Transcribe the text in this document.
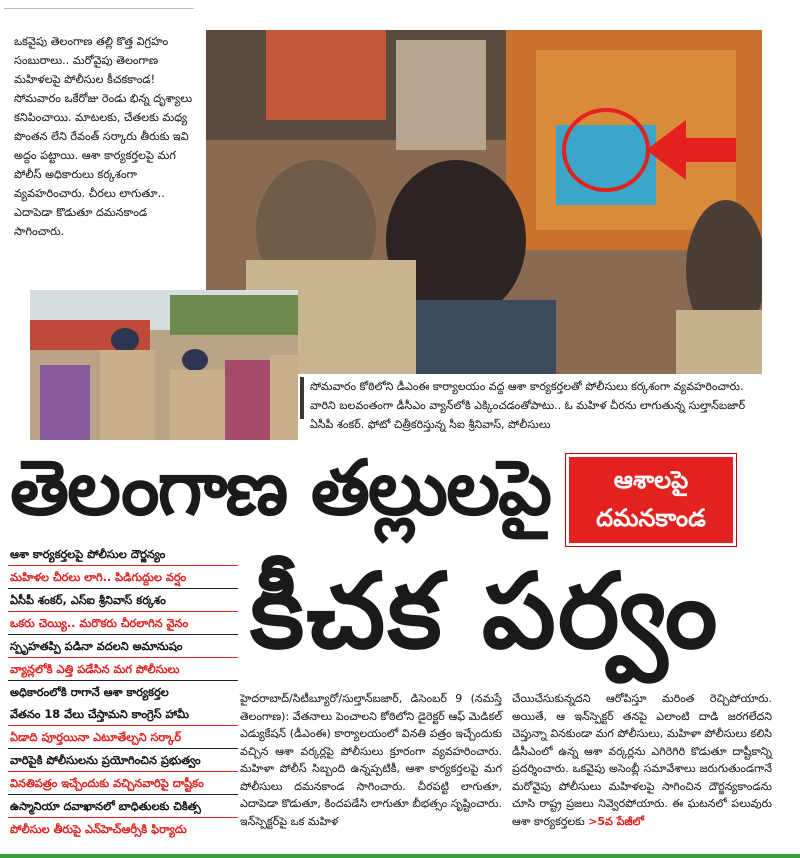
ఒకవైపు తెలంగాణ తల్లి కొత్త విగ్రహం సంబురాలు.. మరోవైపు తెలంగాణ మహిళలపై పోలీసుల కీచకకాండ! సోమవారం ఒకేరోజు రెండు భిన్న దృశ్యాలు కనిపించాయి. మాటలకు, చేతలకు మధ్య పొంతన లేని రేవంత్ సర్కారు తీరుకు ఇవి అద్దం పట్టాయి. ఆశా కార్యకర్తలపై మగ పోలీస్ అధికారులు కర్కశంగా వ్యవహరించారు. చీరలు లాగుతూ.. ఎదాపెడా కొడుతూ దమనకాండ సాగించారు.
సోమవారం కోఠిలోని డీఎంఈ కార్యాలయం వద్ద ఆశా కార్యకర్తలతో పోలీసులు కర్కశంగా వ్యవహరించారు. వారిని బలవంతంగా డీసీఎం వ్యాన్‌లోకి ఎక్కించడంతోపాటు.. ఓ మహిళ చీరను లాగుతున్న సుల్తాన్‌బజార్ ఏసీపీ శంకర్. ఫోటో చిత్రీకరిస్తున్న సీఐ శ్రీనివాస్, పోలీసులు
తెలంగాణ తల్లులపై	ఆశాలపై
దమనకాండ
కీచక పర్వం
ఆశా కార్యకర్తలపై పోలీసుల దౌర్జన్యం
మహిళల చీరలు లాగి.. పిడిగుద్దుల వర్షం
ఏసీపీ శంకర్, ఎస్ఐ శ్రీనివాస్ కర్కశం
ఒకరు చెయ్యి.. మరొకరు చీరలాగిన వైనం
స్పృహతప్పి పడినా వదలని అమానుషం
వ్యాన్లలోకి ఎత్తి పడేసిన మగ పోలీసులు
అధికారంలోకి రాగానే ఆశా కార్యకర్తల
వేతనం 18 వేలు చేస్తామని కాంగ్రెస్ హామీ
ఏడాది పూర్తయినా ఎటూతేల్చని సర్కార్
వారిపైకి పోలీసులను ప్రయోగించిన ప్రభుత్వం
వినతిపత్రం ఇచ్చేందుకు వచ్చినవారిపై దాష్టీకం
ఉస్మానియా దవాఖానలో బాధితులకు చికిత్స
పోలీసుల తీరుపై ఎన్‌హెచ్ఆర్సీకి ఫిర్యాదు
హైదరాబాద్/సిటీబ్యూరో/సుల్తాన్‌బజార్, డిసెంబర్ 9 (నమస్తే తెలంగాణ): వేతనాలు పెంచాలని కోఠిలోని డైరెక్టర్ ఆఫ్ మెడికల్ ఎడ్యుకేషన్ (డీఎంఈ) కార్యాలయంలో వినతి పత్రం ఇచ్చేందుకు వచ్చిన ఆశా వర్కర్లపై పోలీసులు క్రూరంగా వ్యవహరించారు. మహిళా పోలీస్ సిబ్బంది ఉన్నప్పటికీ, ఆశా కార్యకర్తలపై మగ పోలీసులు దమనకాండ సాగించారు. చీరపట్టి లాగుతూ, ఎదాపెడా కొడుతూ, కిందపడేసి లాగుతూ బీభత్సం సృష్టించారు. ఇన్‌స్పెక్టర్‌పై ఒక మహిళ
చేయిచేసుకున్నదని ఆరోపిస్తూ మరింత రెచ్చిపోయారు. అయితే, ఆ ఇన్‌స్పెక్టర్ తనపై ఎలాంటి దాడి జరగలేదని చెప్తున్నా వినకుండా మగ పోలీసులు, మహిళా పోలీసులు కలిసి డీసీఎంలో ఉన్న ఆశా వర్కర్లను ఎగిరెగిరి కొడుతూ దాష్టీకాన్ని ప్రదర్శించారు. ఒకవైపు అసెంబ్లీ సమావేశాలు జరుగుతుండగానే మరోవైపు పోలీసులు మహిళలపై సాగించిన దౌర్జన్యకాండను చూసి రాష్ట్ర ప్రజలు నివ్వెరపోయారు. ఈ ఘటనలో పలువురు ఆశా కార్యకర్తలకు >5వ పేజీలో
